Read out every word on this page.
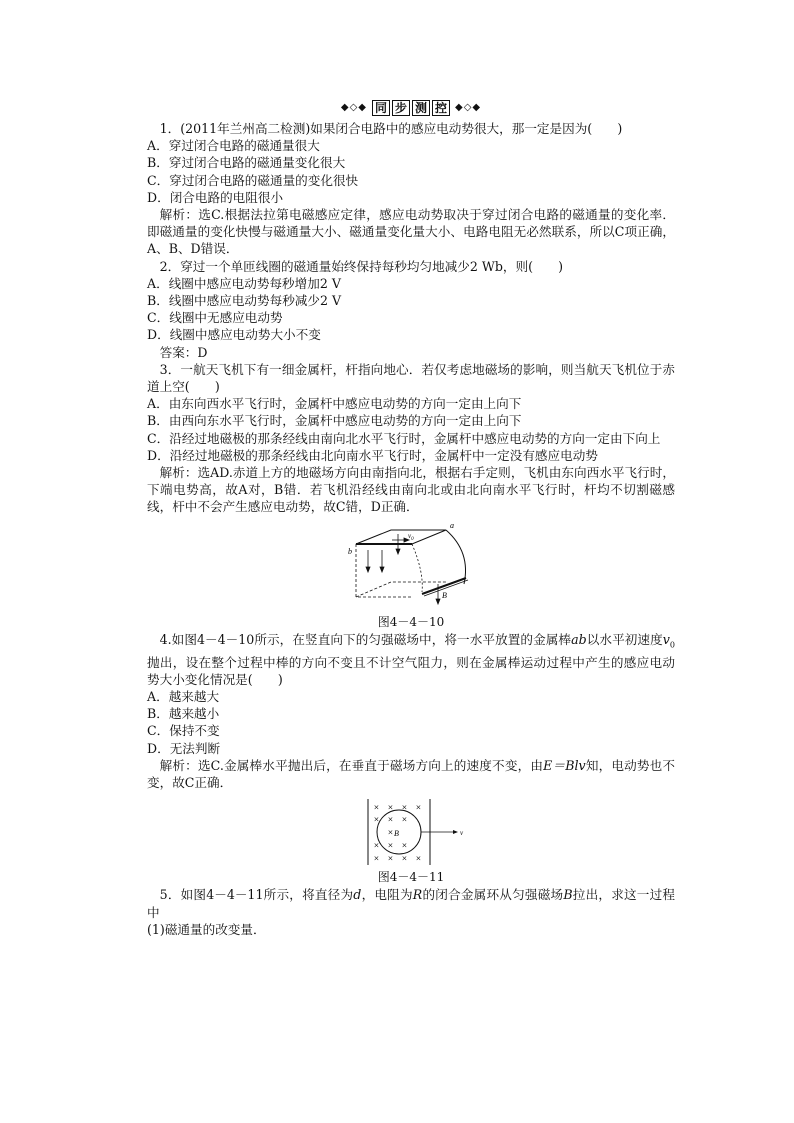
◆◇◆ 同 步 测 控 ◆◇◆

1．(2011年兰州高二检测)如果闭合电路中的感应电动势很大，那一定是因为(　　)

A．穿过闭合电路的磁通量很大

B．穿过闭合电路的磁通量变化很大

C．穿过闭合电路的磁通量的变化很快

D．闭合电路的电阻很小

解析：选C.根据法拉第电磁感应定律，感应电动势取决于穿过闭合电路的磁通量的变化率．即磁通量的变化快慢与磁通量大小、磁通量变化量大小、电路电阻无必然联系，所以C项正确，A、B、D错误．

2．穿过一个单匝线圈的磁通量始终保持每秒均匀地减少2 Wb，则(　　)

A．线圈中感应电动势每秒增加2 V

B．线圈中感应电动势每秒减少2 V

C．线圈中无感应电动势

D．线圈中感应电动势大小不变

答案：D

3．一航天飞机下有一细金属杆，杆指向地心．若仅考虑地磁场的影响，则当航天飞机位于赤道上空(　　)

A．由东向西水平飞行时，金属杆中感应电动势的方向一定由上向下

B．由西向东水平飞行时，金属杆中感应电动势的方向一定由上向下

C．沿经过地磁极的那条经线由南向北水平飞行时，金属杆中感应电动势的方向一定由下向上

D．沿经过地磁极的那条经线由北向南水平飞行时，金属杆中一定没有感应电动势

解析：选AD.赤道上方的地磁场方向由南指向北，根据右手定则，飞机由东向西水平飞行时，下端电势高，故A对，B错．若飞机沿经线由南向北或由北向南水平飞行时，杆均不切割磁感线，杆中不会产生感应电动势，故C错，D正确．

a
b
$v_0$
B
图4－4－10

4.如图4－4－10所示，在竖直向下的匀强磁场中，将一水平放置的金属棒ab以水平初速度$v_0$抛出，设在整个过程中棒的方向不变且不计空气阻力，则在金属棒运动过程中产生的感应电动势大小变化情况是(　　)

A．越来越大

B．越来越小

C．保持不变

D．无法判断

解析：选C.金属棒水平抛出后，在垂直于磁场方向上的速度不变，由E＝Blv知，电动势也不变，故C正确．

× × × ×
× × ×
×
× × ×
× × × ×
B	v
图4－4－11

5．如图4－4－11所示，将直径为d，电阻为R的闭合金属环从匀强磁场B拉出，求这一过程中

(1)磁通量的改变量．
